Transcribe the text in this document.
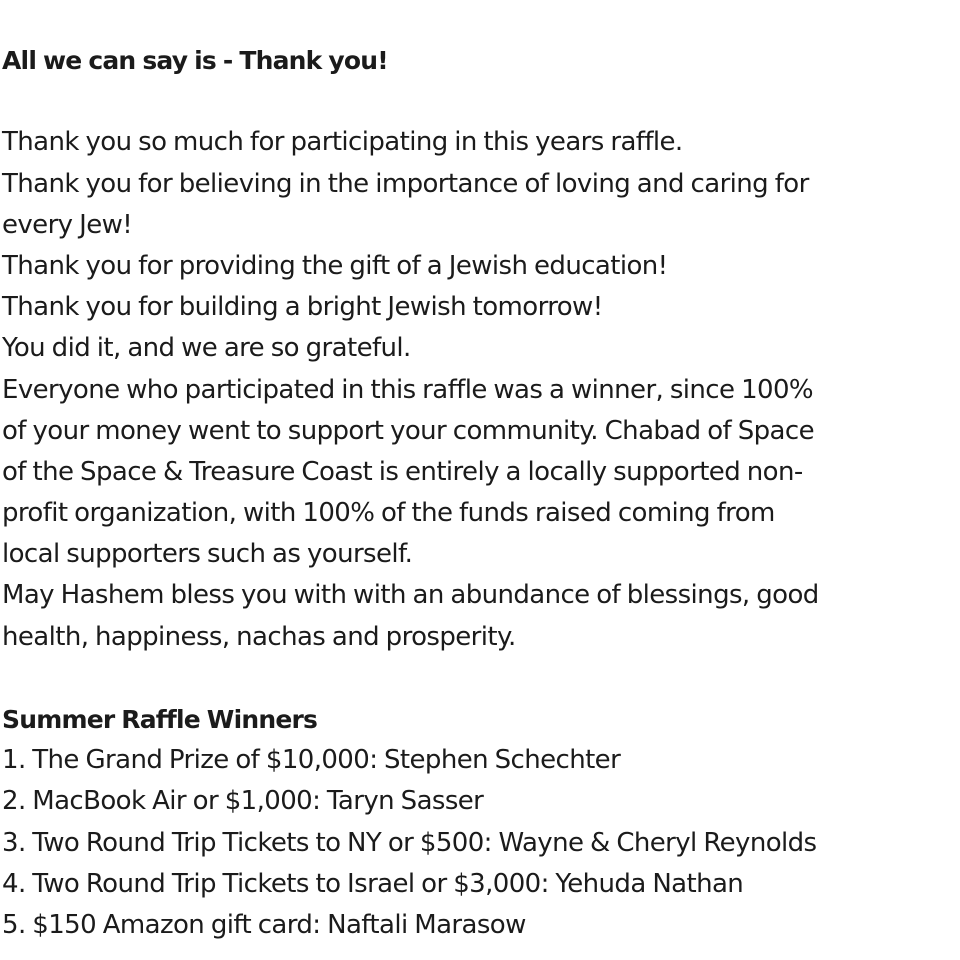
All we can say is - Thank you!
Thank you so much for participating in this years raffle.
Thank you for believing in the importance of loving and caring for
every Jew!
Thank you for providing the gift of a Jewish education!
Thank you for building a bright Jewish tomorrow!
You did it, and we are so grateful.
Everyone who participated in this raffle was a winner, since 100%
of your money went to support your community. Chabad of Space
of the Space & Treasure Coast is entirely a locally supported non-
profit organization, with 100% of the funds raised coming from
local supporters such as yourself.
May Hashem bless you with with an abundance of blessings, good
health, happiness, nachas and prosperity.
Summer Raffle Winners
1. The Grand Prize of $10,000: Stephen Schechter
2. MacBook Air or $1,000: Taryn Sasser
3. Two Round Trip Tickets to NY or $500: Wayne & Cheryl Reynolds
4. Two Round Trip Tickets to Israel or $3,000: Yehuda Nathan
5. $150 Amazon gift card: Naftali Marasow
